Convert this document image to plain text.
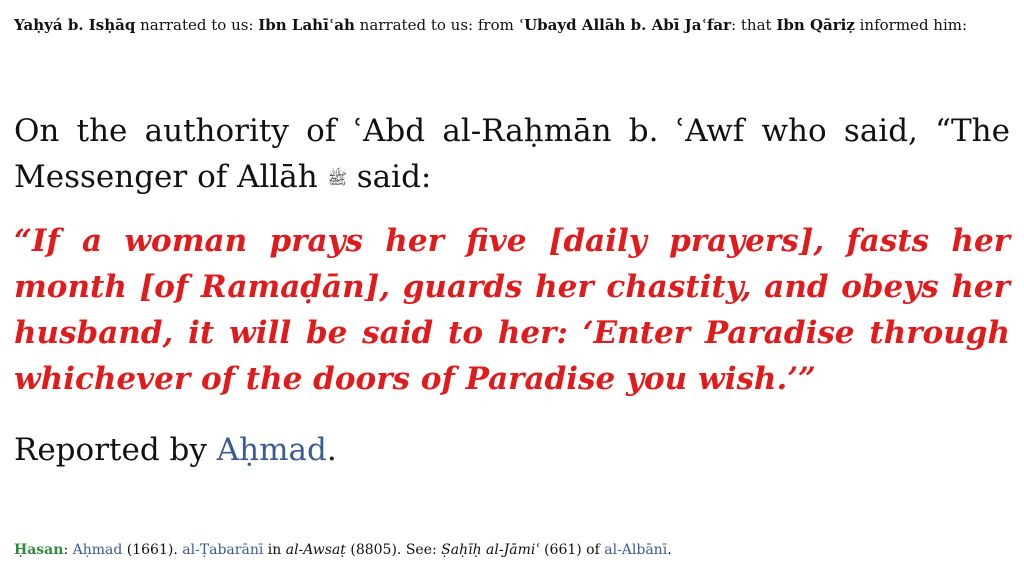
Yaḥyá b. Isḥāq narrated to us: Ibn Lahīʿah narrated to us: from ʿUbayd Allāh b. Abī Jaʿfar: that Ibn Qāriẓ informed him:
On the authority of ʿAbd al-Raḥmān b. ʿAwf who said, “The Messenger of Allāh ﷺ said:
“If a woman prays her five [daily prayers], fasts her month [of Ramaḍān], guards her chastity, and obeys her husband, it will be said to her: ‘Enter Paradise through whichever of the doors of Paradise you wish.’”
Reported by Aḥmad.
Ḥasan: Aḥmad (1661). al-Ṭabarānī in al-Awsaṭ (8805). See: Ṣaḥīḥ al-Jāmiʿ (661) of al-Albānī.
